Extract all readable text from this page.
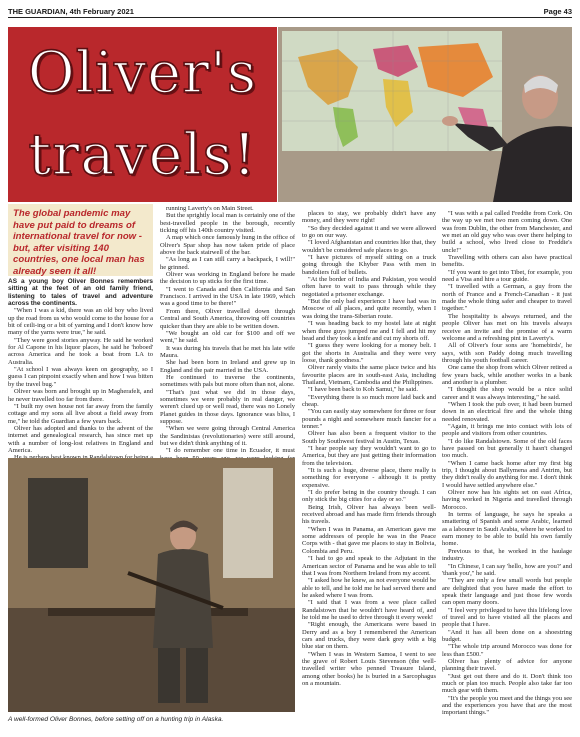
THE GUARDIAN, 4th February 2021	Page 43
Oliver's
travels!
The global pandemic may have put paid to dreams of international travel for now - but, after visiting 140 countries, one local man has already seen it all!

AS a young boy Oliver Bonnes remembers sitting at the feet of an old family friend, listening to tales of travel and adventure across the continents.

"When I was a kid, there was an old boy who lived up the road from us who would come to the house for a bit of ceili-ing or a bit of yarning and I don't know how many of the yarns were true," he said.

"They were good stories anyway. He said he worked for Al Capone in his liquor places, he said he 'hoboed' across America and he took a boat from LA to Australia.

"At school I was always keen on geography, so I guess I can pinpoint exactly when and how I was bitten by the travel bug."

Oliver was born and brought up in Magherafelt, and he never travelled too far from there.

"I built my own house not far away from the family cottage and my sons all live about a field away from me," he told the Guardian a few years back.

Oliver has adopted and thanks to the advent of the internet and genealogical research, has since met up with a number of long-lost relatives in England and America.

running Laverty's on Main Street.

But the sprightly local man is certainly one of the best-travelled people in the borough, recently ticking off his 140th country visited.

A map which once famously hung in the office of Oliver's Spar shop has now taken pride of place above the back stairwell of the bar.

"As long as I can still carry a backpack, I will!" he grinned.

Oliver was working in England before he made the decision to up sticks for the first time.

"I went to Canada and then California and San Francisco. I arrived in the USA in late 1969, which was a good time to be there!"

From there, Oliver travelled down through Central and South America, throwing off countries quicker than they are able to be written down.

"We bought an old car for $100 and off we went," he said.

It was during his travels that he met his late wife Maura.

She had been born in Ireland and grew up in England and the pair married in the USA.

He continued to traverse the continents, sometimes with pals but more often than not, alone.

"That's just what we did in those days, sometimes we were probably in real danger, we weren't clued up or well read, there was no Lonely Planet guides in those days. Ignorance was bliss, I suppose.

"When we were going through Central America the Sandinistas (revolutionaries) were still around, but we didn't think anything of it.

"I do remember one time in Ecuador, it must

A well-formed Oliver Bonnes, before setting off on a hunting trip in Alaska.

places to stay, we probably didn't have any money, and they were right!

"So they decided against it and we were allowed to go on our way.

"I loved Afghanistan and countries like that, they wouldn't be considered safe places to go.

"I have pictures of myself sitting on a truck going through the Khyber Pass with men in bandoliers full of bullets.

"At the border of India and Pakistan, you would often have to wait to pass through while they negotiated a prisoner exchange.

"But the only bad experience I have had was in Moscow of all places, and quite recently, when I was doing the trans-Siberian route.

"I was heading back to my hostel late at night when three guys jumped me and I fell and hit my head and they took a knife and cut my shorts off.

"I guess they were looking for a money belt. I got the shorts in Australia and they were very loose, thank goodness."

Oliver rarely visits the same place twice and his favourite places are in south-east Asia, including Thailand, Vietnam, Cambodia and the Philippines.

"I have been back to Koh Samui," he said.

"Everything there is so much more laid back and cheap.

"You can easily stay somewhere for three or four pounds a night and somewhere much fancier for a tenner."

Oliver has also been a frequent visitor to the South by Southwest festival in Austin, Texas.

"I hear people say they wouldn't want to go to America, but they are just getting their information from the television.

"It is such a huge, diverse place, there really is something for everyone - although it is pretty expensive.

"I do prefer being in the country though. I can only stick the big cities for a day or so."

Being Irish, Oliver has always been well-received abroad and has made firm friends through his travels.

"When I was in Panama, an American gave me some addresses of people he was in the Peace Corps with - that gave me places to stay in Bolivia, Colombia and Peru.

"I had to go and speak to the Adjutant in the American sector of Panama and he was able to tell that I was from Northern Ireland from my accent.

"I asked how he knew, as not everyone would be able to tell, and he told me he had served there and he asked where I was from.

"I said that I was from a wee place called Randalstown that he wouldn't have heard of, and he told me he used to drive through it every week!

"Right enough, the Americans were based in Derry and as a boy I remembered the American cars and trucks, they were dark grey with a big blue star on them.

"When I was in Western Samoa, I went to see the grave of Robert Louis Stevenson (the well-travelled writer who penned Treasure Island, among other books) he is buried in a Sarcophagus on a mountain.

"I was with a pal called Freddie from Cork. On the way up we met two men coming down. One was from Dublin, the other from Manchester, and we met an old guy who was over there helping to build a school, who lived close to Freddie's uncle!"

Travelling with others can also have practical benefits.

"If you want to get into Tibet, for example, you need a Visa and hire a tour guide.

"I travelled with a German, a guy from the north of France and a French-Canadian - it just made the whole thing safer and cheaper to travel together."

The hospitality is always returned, and the people Oliver has met on his travels always receive an invite and the promise of a warm welcome and a refreshing pint in Laverty's.

All of Oliver's four sons are 'homebirds', he says, with son Paddy doing much travelling through his youth football career.

One came the shop from which Oliver retired a few years back, while another works in a bank and another is a plumber.

"I thought the shop would be a nice solid career and it was always interesting," he said.

"When I took the pub over, it had been burned down in an electrical fire and the whole thing needed renovated.

"Again, it brings me into contact with lots of people and visitors from other countries.

"I do like Randalstown. Some of the old faces have passed on but generally it hasn't changed too much.

"When I came back home after my first big trip, I thought about Ballymena and Antrim, but they didn't really do anything for me. I don't think I would have settled anywhere else."

Oliver now has his sights set on east Africa, having worked in Nigeria and travelled through Morocco.

In terms of language, he says he speaks a smattering of Spanish and some Arabic, learned as a labourer in Saudi Arabia, where he worked to earn money to be able to build his own family home.

Previous to that, he worked in the haulage industry.

"In Chinese, I can say 'hello, how are you?' and 'thank you'," he said.

"They are only a few small words but people are delighted that you have made the effort to speak their language and just those few words can open many doors.

"I feel very privileged to have this lifelong love of travel and to have visited all the places and people that I have.

"And it has all been done on a shoestring budget.

"The whole trip around Morocco was done for less than £500."

Oliver has plenty of advice for anyone planning their travel.

"Just get out there and do it. Don't think too much or plan too much. People also take far too much gear with them.

"It's the people you meet and the things you see and the experiences you have that are the most important things."
